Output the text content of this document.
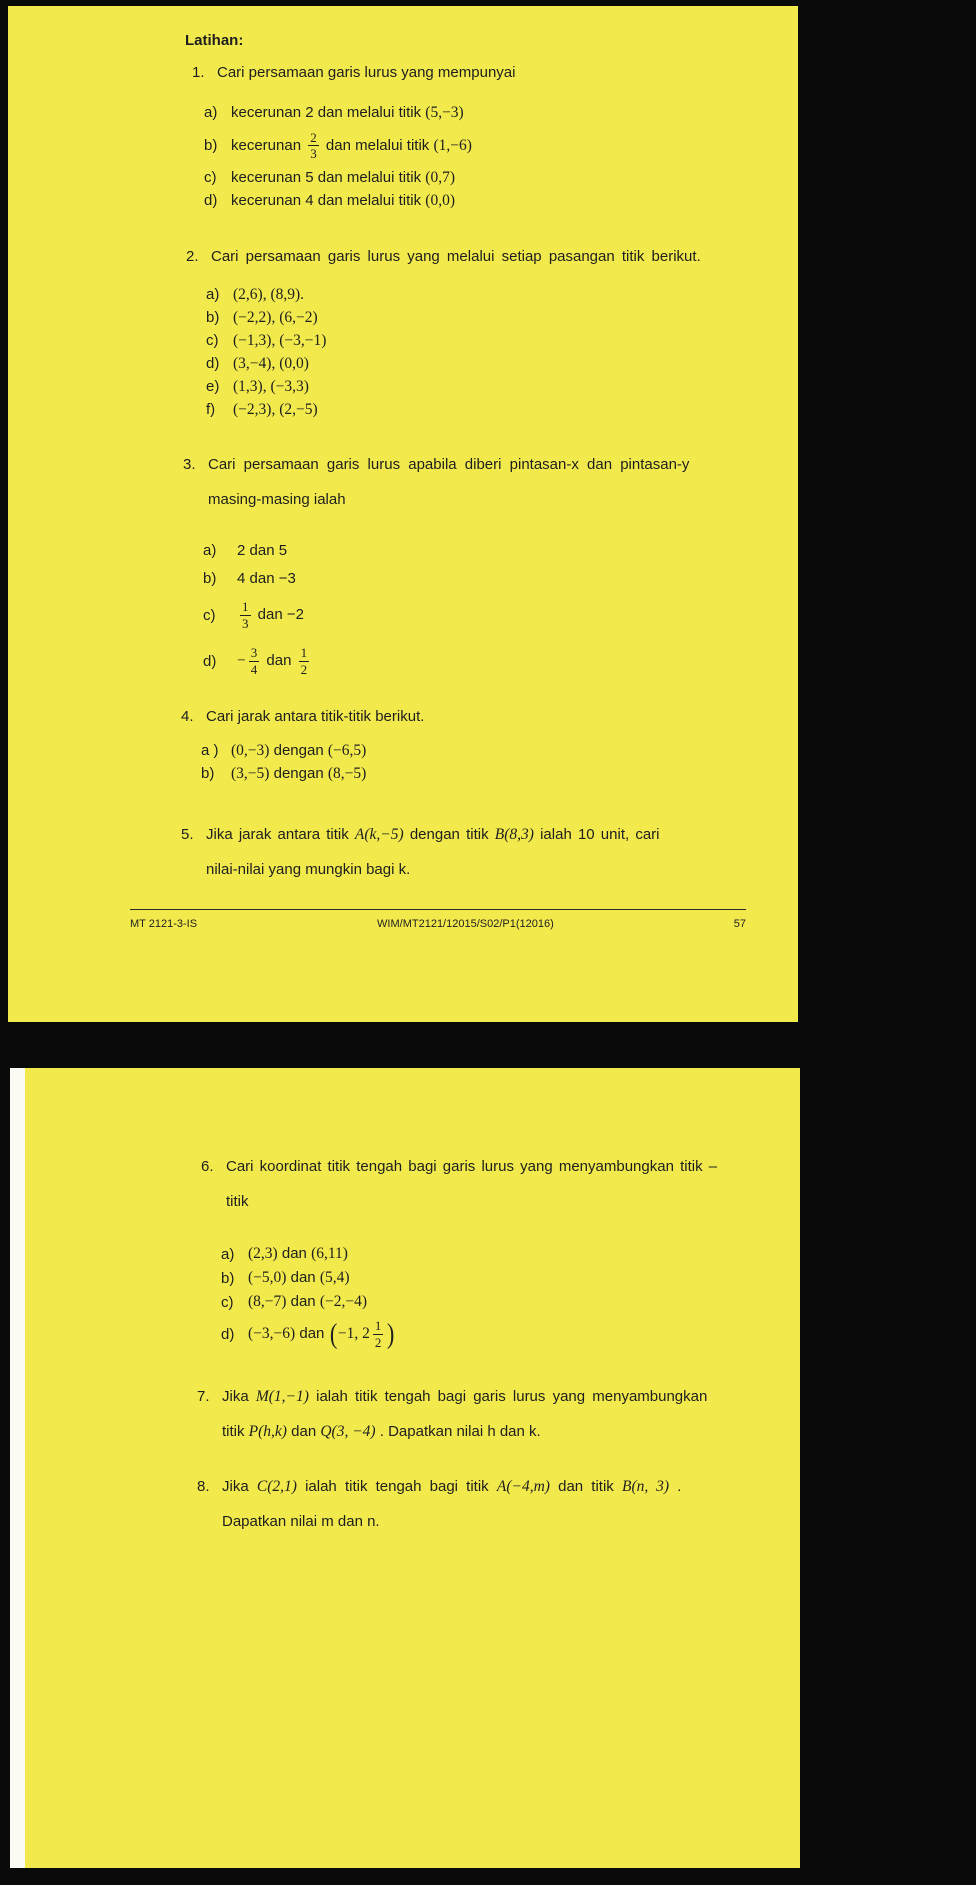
Latihan:
1. Cari persamaan garis lurus yang mempunyai
a) kecerunan 2 dan melalui titik (5,−3)
b) kecerunan $\frac{2}{3}$ dan melalui titik (1,−6)
c) kecerunan 5 dan melalui titik (0,7)
d) kecerunan 4 dan melalui titik (0,0)
2. Cari persamaan garis lurus yang melalui setiap pasangan titik berikut.
a) (2,6), (8,9).
b) (−2,2), (6,−2)
c) (−1,3), (−3,−1)
d) (3,−4), (0,0)
e) (1,3), (−3,3)
f)	(−2,3), (2,−5)
3. Cari persamaan garis lurus apabila diberi pintasan-x dan pintasan-y
masing-masing ialah
a)	2 dan 5
b)	4 dan −3
c)	$\frac{1}{3}$ dan −2
d)	− $\frac{3}{4}$ dan $\frac{1}{2}$
4. Cari jarak antara titik-titik berikut.
a ) (0,−3) dengan (−6,5)
b)	(3,−5) dengan (8,−5)
5. Jika jarak antara titik A(k,−5) dengan titik B(8,3) ialah 10 unit, cari
nilai-nilai yang mungkin bagi k.
MT 2121-3-IS	WIM/MT2121/12015/S02/P1(12016)	57
6. Cari koordinat titik tengah bagi garis lurus yang menyambungkan titik –
titik
a) (2,3) dan (6,11)
b) (−5,0) dan (5,4)
c) (8,−7) dan (−2,−4)
d) (−3,−6) dan (−1, $2 \frac{1}{2}$ )
7. Jika M(1,−1) ialah titik tengah bagi garis lurus yang menyambungkan
titik P(h,k) dan Q(3, −4) . Dapatkan nilai h dan k.
8. Jika C(2,1) ialah titik tengah bagi titik A(−4,m) dan titik B(n, 3) .
Dapatkan nilai m dan n.
